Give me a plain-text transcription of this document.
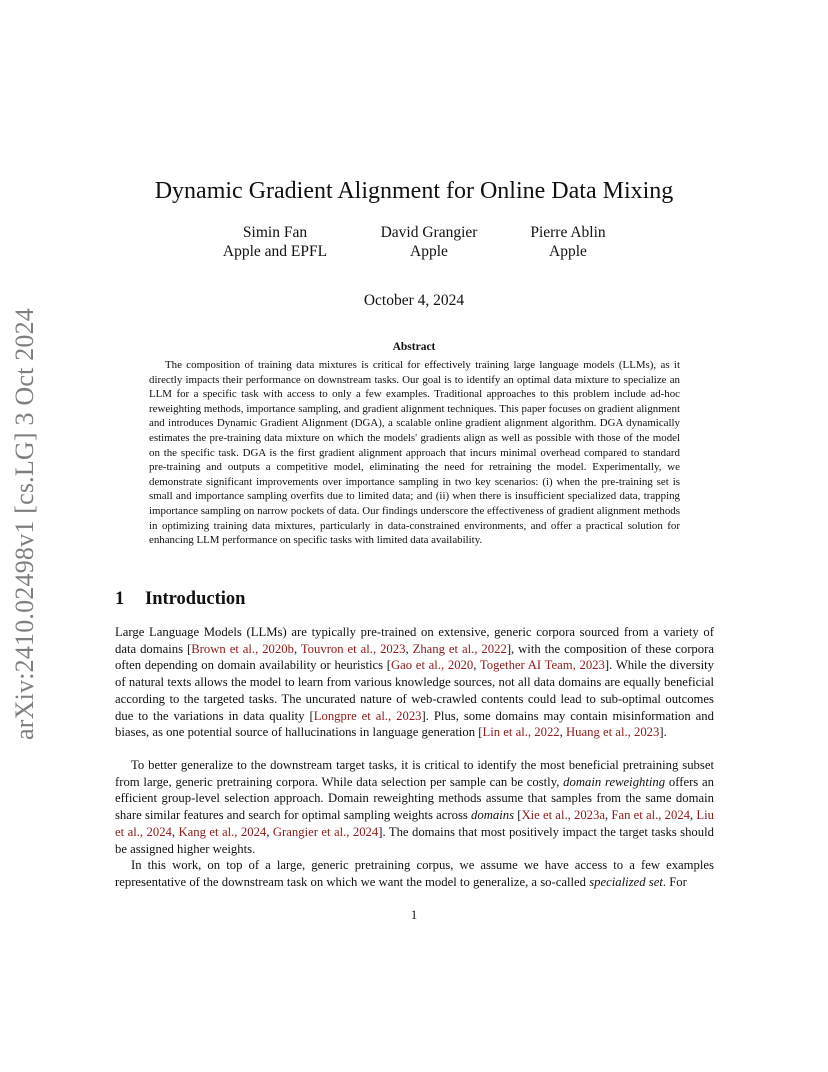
arXiv:2410.02498v1 [cs.LG] 3 Oct 2024
Dynamic Gradient Alignment for Online Data Mixing
Simin Fan
Apple and EPFL
David Grangier
Apple
Pierre Ablin
Apple
October 4, 2024
Abstract

The composition of training data mixtures is critical for effectively training large language models (LLMs), as it directly impacts their performance on downstream tasks. Our goal is to identify an optimal data mixture to specialize an LLM for a specific task with access to only a few examples. Traditional approaches to this problem include ad-hoc reweighting methods, importance sampling, and gradient alignment techniques. This paper focuses on gradient alignment and introduces Dynamic Gradient Alignment (DGA), a scalable online gradient alignment algorithm. DGA dynamically estimates the pre-training data mixture on which the models' gradients align as well as possible with those of the model on the specific task. DGA is the first gradient alignment approach that incurs minimal overhead compared to standard pre-training and outputs a competitive model, eliminating the need for retraining the model. Experimentally, we demonstrate significant improvements over importance sampling in two key scenarios: (i) when the pre-training set is small and importance sampling overfits due to limited data; and (ii) when there is insufficient specialized data, trapping importance sampling on narrow pockets of data. Our findings underscore the effectiveness of gradient alignment methods in optimizing training data mixtures, particularly in data-constrained environments, and offer a practical solution for enhancing LLM performance on specific tasks with limited data availability.

1 Introduction

Large Language Models (LLMs) are typically pre-trained on extensive, generic corpora sourced from a variety of data domains [Brown et al., 2020b, Touvron et al., 2023, Zhang et al., 2022], with the composition of these corpora often depending on domain availability or heuristics [Gao et al., 2020, Together AI Team, 2023]. While the diversity of natural texts allows the model to learn from various knowledge sources, not all data domains are equally beneficial according to the targeted tasks. The uncurated nature of web-crawled contents could lead to sub-optimal outcomes due to the variations in data quality [Longpre et al., 2023]. Plus, some domains may contain misinformation and biases, as one potential source of hallucinations in language generation [Lin et al., 2022, Huang et al., 2023].

To better generalize to the downstream target tasks, it is critical to identify the most beneficial pretraining subset from large, generic pretraining corpora. While data selection per sample can be costly, domain reweighting offers an efficient group-level selection approach. Domain reweighting methods assume that samples from the same domain share similar features and search for optimal sampling weights across domains [Xie et al., 2023a, Fan et al., 2024, Liu et al., 2024, Kang et al., 2024, Grangier et al., 2024]. The domains that most positively impact the target tasks should be assigned higher weights.

In this work, on top of a large, generic pretraining corpus, we assume we have access to a few examples representative of the downstream task on which we want the model to generalize, a so-called specialized set. For

1
